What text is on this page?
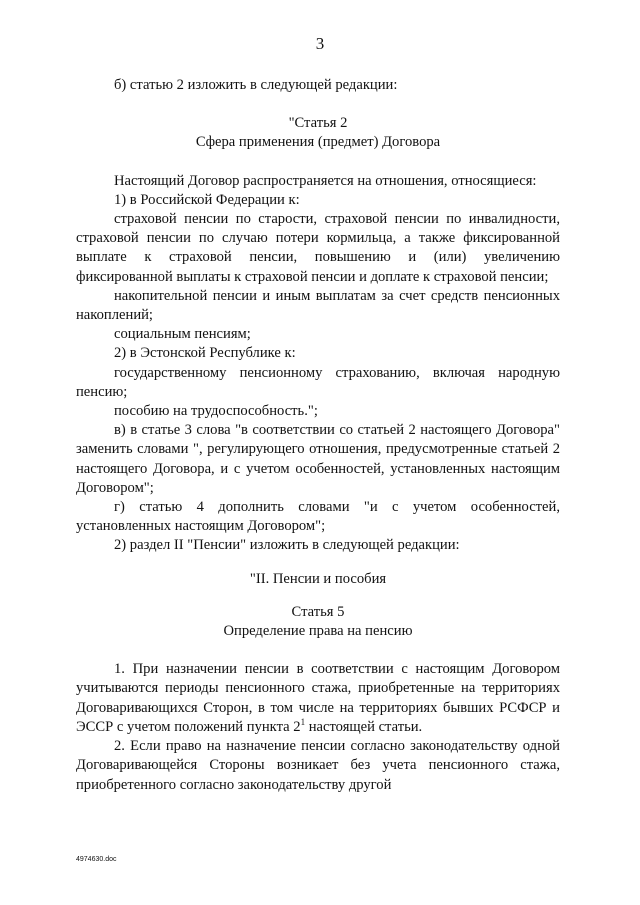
3

б) статью 2 изложить в следующей редакции:

"Статья 2

Сфера применения (предмет) Договора

Настоящий Договор распространяется на отношения, относящиеся:

1) в Российской Федерации к:

страховой пенсии по старости, страховой пенсии по инвалидности, страховой пенсии по случаю потери кормильца, а также фиксированной выплате к страховой пенсии, повышению и (или) увеличению фиксированной выплаты к страховой пенсии и доплате к страховой пенсии;

накопительной пенсии и иным выплатам за счет средств пенсионных накоплений;

социальным пенсиям;

2) в Эстонской Республике к:

государственному пенсионному страхованию, включая народную пенсию;

пособию на трудоспособность.";

в) в статье 3 слова "в соответствии со статьей 2 настоящего Договора" заменить словами ", регулирующего отношения, предусмотренные статьей 2 настоящего Договора, и с учетом особенностей, установленных настоящим Договором";

г) статью 4 дополнить словами "и с учетом особенностей, установленных настоящим Договором";

2) раздел II "Пенсии" изложить в следующей редакции:

"II. Пенсии и пособия

Статья 5

Определение права на пенсию

1. При назначении пенсии в соответствии с настоящим Договором учитываются периоды пенсионного стажа, приобретенные на территориях Договаривающихся Сторон, в том числе на территориях бывших РСФСР и ЭССР с учетом положений пункта $2^1$ настоящей статьи.

2. Если право на назначение пенсии согласно законодательству одной Договаривающейся Стороны возникает без учета пенсионного стажа, приобретенного согласно законодательству другой

4974630.doc
